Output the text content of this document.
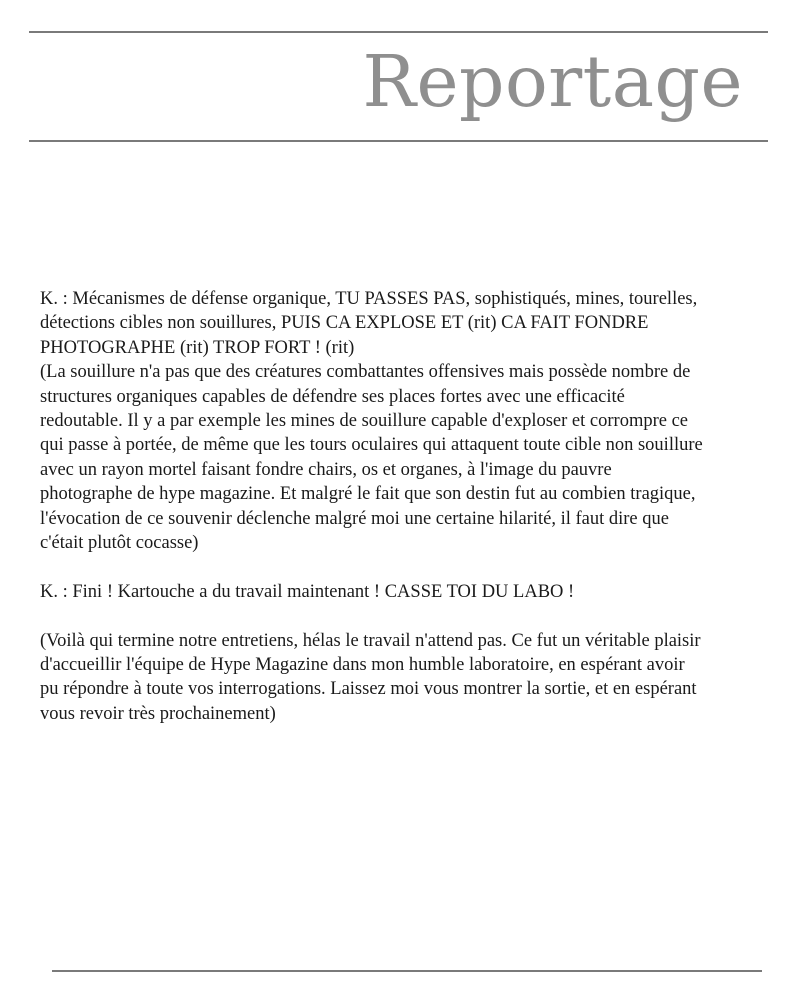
Reportage

K. : Mécanismes de défense organique, TU PASSES PAS, sophistiqués, mines, tourelles,
détections cibles non souillures, PUIS CA EXPLOSE ET (rit) CA FAIT FONDRE
PHOTOGRAPHE (rit) TROP FORT ! (rit)
(La souillure n'a pas que des créatures combattantes offensives mais possède nombre de
structures organiques capables de défendre ses places fortes avec une efficacité
redoutable. Il y a par exemple les mines de souillure capable d'exploser et corrompre ce
qui passe à portée, de même que les tours oculaires qui attaquent toute cible non souillure
avec un rayon mortel faisant fondre chairs, os et organes, à l'image du pauvre
photographe de hype magazine. Et malgré le fait que son destin fut au combien tragique,
l'évocation de ce souvenir déclenche malgré moi une certaine hilarité, il faut dire que
c'était plutôt cocasse)

K. : Fini ! Kartouche a du travail maintenant ! CASSE TOI DU LABO !

(Voilà qui termine notre entretiens, hélas le travail n'attend pas. Ce fut un véritable plaisir
d'accueillir l'équipe de Hype Magazine dans mon humble laboratoire, en espérant avoir
pu répondre à toute vos interrogations. Laissez moi vous montrer la sortie, et en espérant
vous revoir très prochainement)
